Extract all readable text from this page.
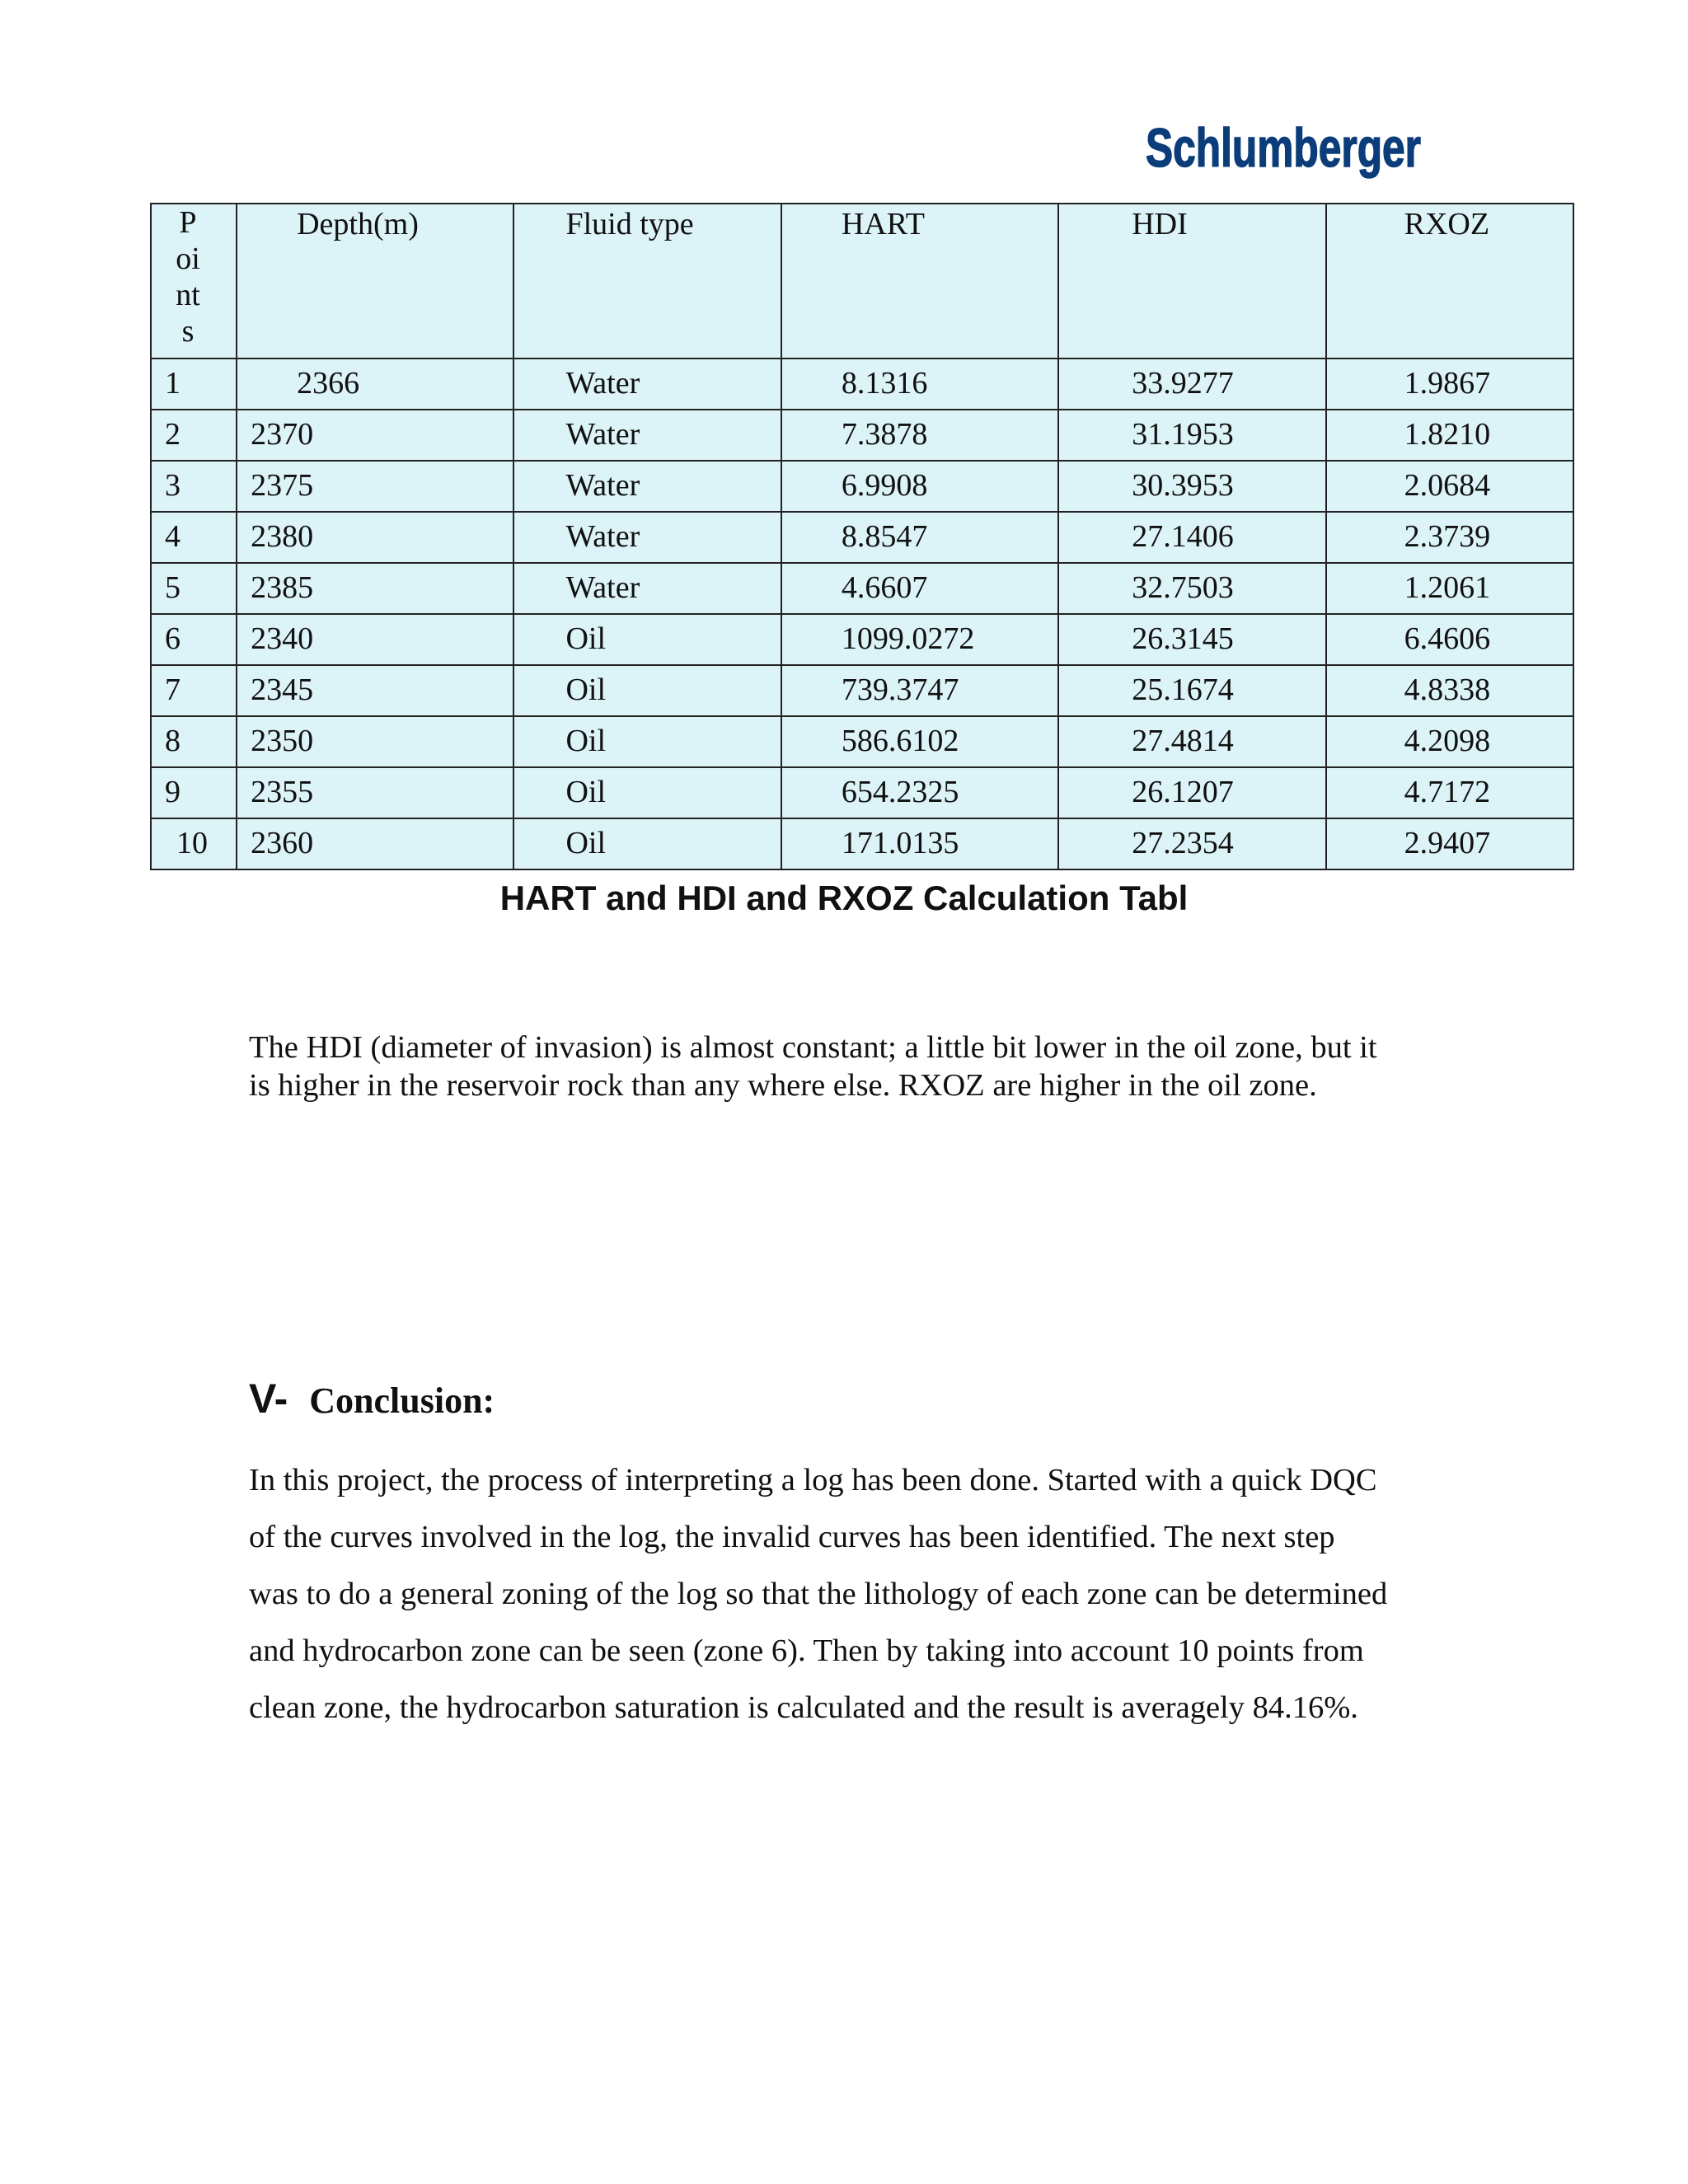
Schlumberger
Points	Depth(m)	Fluid type	HART	HDI	RXOZ

1	2366	Water	8.1316	33.9277	1.9867
2	2370	Water	7.3878	31.1953	1.8210
3	2375	Water	6.9908	30.3953	2.0684
4	2380	Water	8.8547	27.1406	2.3739
5	2385	Water	4.6607	32.7503	1.2061
6	2340	Oil	1099.0272	26.3145	6.4606
7	2345	Oil	739.3747	25.1674	4.8338
8	2350	Oil	586.6102	27.4814	4.2098
9	2355	Oil	654.2325	26.1207	4.7172
10	2360	Oil	171.0135	27.2354	2.9407
HART and HDI and RXOZ Calculation Tabl
The HDI (diameter of invasion) is almost constant; a little bit lower in the oil zone, but it
is higher in the reservoir rock than any where else. RXOZ are higher in the oil zone.
V- Conclusion:
In this project, the process of interpreting a log has been done. Started with a quick DQC
of the curves involved in the log, the invalid curves has been identified. The next step
was to do a general zoning of the log so that the lithology of each zone can be determined
and hydrocarbon zone can be seen (zone 6). Then by taking into account 10 points from
clean zone, the hydrocarbon saturation is calculated and the result is averagely 84.16%.
